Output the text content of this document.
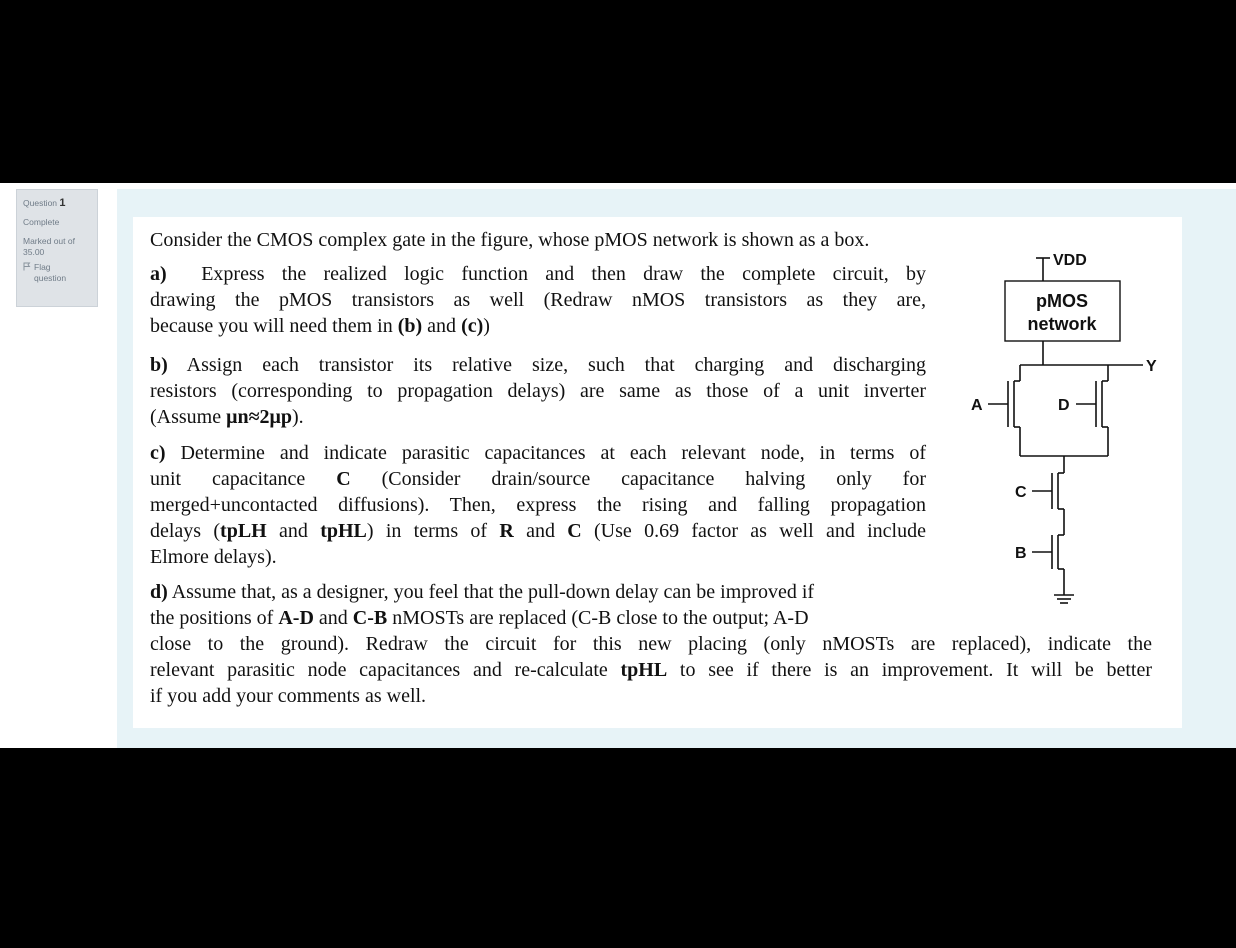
Question 1
Complete
Marked out of
35.00
Flag
question
Consider the CMOS complex gate in the figure, whose pMOS network is shown as a box.
a) Express the realized logic function and then draw the complete circuit, by
drawing the pMOS transistors as well (Redraw nMOS transistors as they are,
because you will need them in (b) and (c))
b) Assign each transistor its relative size, such that charging and discharging
resistors (corresponding to propagation delays) are same as those of a unit inverter
(Assume μn≈2μp).
c) Determine and indicate parasitic capacitances at each relevant node, in terms of
unit capacitance C (Consider drain/source capacitance halving only for
merged+uncontacted diffusions). Then, express the rising and falling propagation
delays (tpLH and tpHL) in terms of R and C (Use 0.69 factor as well and include
Elmore delays).
d) Assume that, as a designer, you feel that the pull-down delay can be improved if
the positions of A-D and C-B nMOSTs are replaced (C-B close to the output; A-D
close to the ground). Redraw the circuit for this new placing (only nMOSTs are replaced), indicate the
relevant parasitic node capacitances and re-calculate tpHL to see if there is an improvement. It will be better
if you add your comments as well.
VDD
pMOS
network
Y
A	D
C
B
